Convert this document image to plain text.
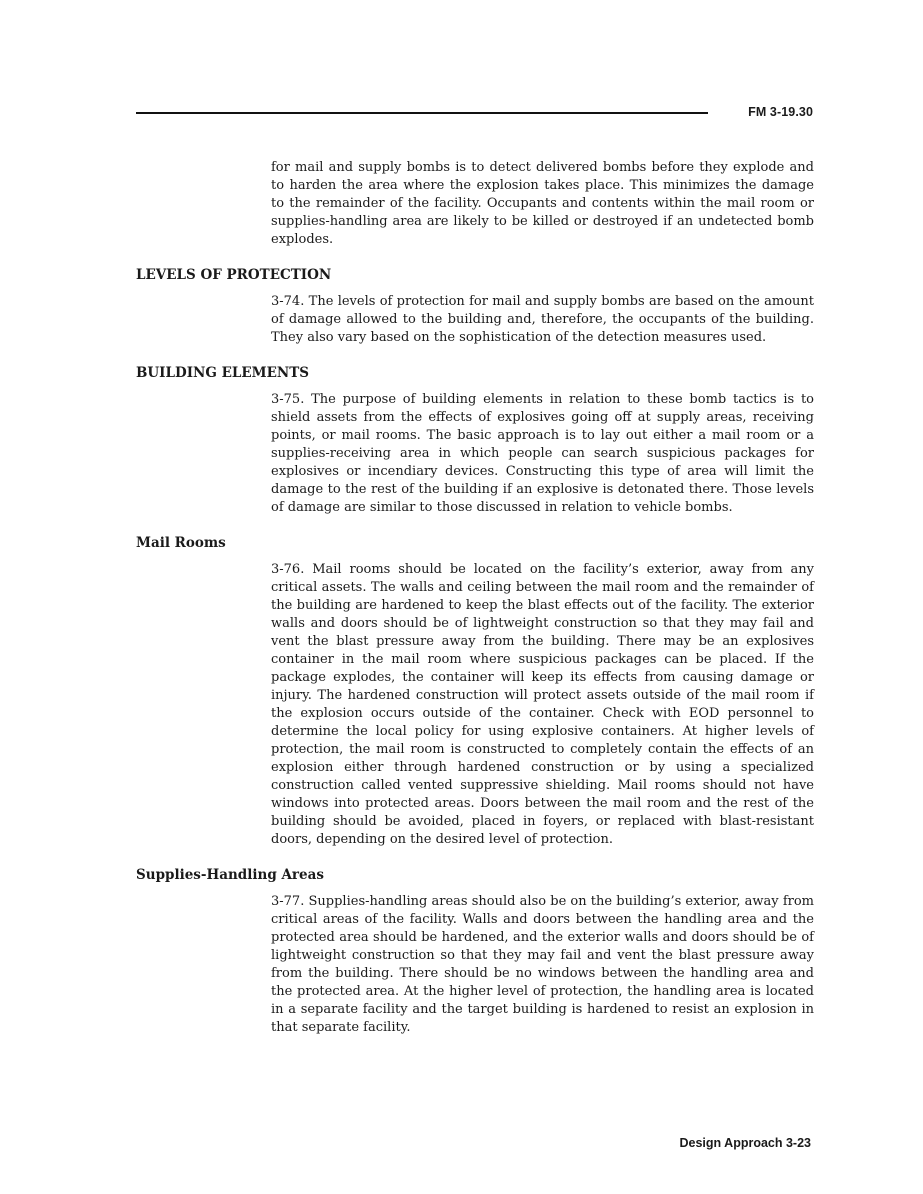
FM 3-19.30

for mail and supply bombs is to detect delivered bombs before they explode and to harden the area where the explosion takes place. This minimizes the damage to the remainder of the facility. Occupants and contents within the mail room or supplies-handling area are likely to be killed or destroyed if an undetected bomb explodes.

LEVELS OF PROTECTION

3-74. The levels of protection for mail and supply bombs are based on the amount of damage allowed to the building and, therefore, the occupants of the building. They also vary based on the sophistication of the detection measures used.

BUILDING ELEMENTS

3-75. The purpose of building elements in relation to these bomb tactics is to shield assets from the effects of explosives going off at supply areas, receiving points, or mail rooms. The basic approach is to lay out either a mail room or a supplies-receiving area in which people can search suspicious packages for explosives or incendiary devices. Constructing this type of area will limit the damage to the rest of the building if an explosive is detonated there. Those levels of damage are similar to those discussed in relation to vehicle bombs.

Mail Rooms

3-76. Mail rooms should be located on the facility’s exterior, away from any critical assets. The walls and ceiling between the mail room and the remainder of the building are hardened to keep the blast effects out of the facility. The exterior walls and doors should be of lightweight construction so that they may fail and vent the blast pressure away from the building. There may be an explosives container in the mail room where suspicious packages can be placed. If the package explodes, the container will keep its effects from causing damage or injury. The hardened construction will protect assets outside of the mail room if the explosion occurs outside of the container. Check with EOD personnel to determine the local policy for using explosive containers. At higher levels of protection, the mail room is constructed to completely contain the effects of an explosion either through hardened construction or by using a specialized construction called vented suppressive shielding. Mail rooms should not have windows into protected areas. Doors between the mail room and the rest of the building should be avoided, placed in foyers, or replaced with blast-resistant doors, depending on the desired level of protection.

Supplies-Handling Areas

3-77. Supplies-handling areas should also be on the building’s exterior, away from critical areas of the facility. Walls and doors between the handling area and the protected area should be hardened, and the exterior walls and doors should be of lightweight construction so that they may fail and vent the blast pressure away from the building. There should be no windows between the handling area and the protected area. At the higher level of protection, the handling area is located in a separate facility and the target building is hardened to resist an explosion in that separate facility.

Design Approach 3-23
